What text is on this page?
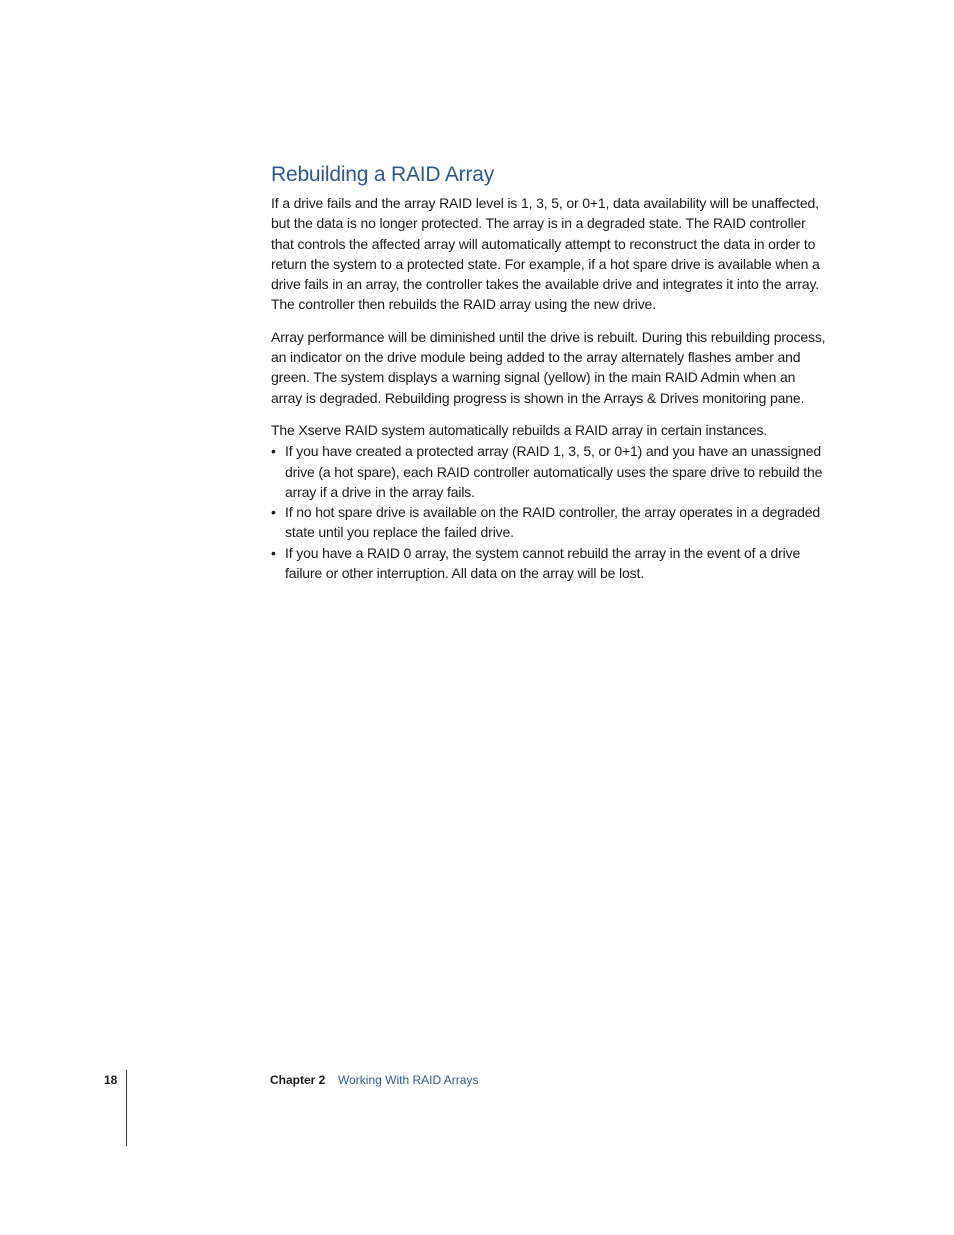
Rebuilding a RAID Array

If a drive fails and the array RAID level is 1, 3, 5, or 0+1, data availability will be unaffected, but the data is no longer protected. The array is in a degraded state. The RAID controller that controls the affected array will automatically attempt to reconstruct the data in order to return the system to a protected state. For example, if a hot spare drive is available when a drive fails in an array, the controller takes the available drive and integrates it into the array. The controller then rebuilds the RAID array using the new drive.

Array performance will be diminished until the drive is rebuilt. During this rebuilding process, an indicator on the drive module being added to the array alternately flashes amber and green. The system displays a warning signal (yellow) in the main RAID Admin when an array is degraded. Rebuilding progress is shown in the Arrays & Drives monitoring pane.

The Xserve RAID system automatically rebuilds a RAID array in certain instances.

• If you have created a protected array (RAID 1, 3, 5, or 0+1) and you have an unassigned drive (a hot spare), each RAID controller automatically uses the spare drive to rebuild the array if a drive in the array fails.
• If no hot spare drive is available on the RAID controller, the array operates in a degraded state until you replace the failed drive.
• If you have a RAID 0 array, the system cannot rebuild the array in the event of a drive failure or other interruption. All data on the array will be lost.
18	Chapter 2 Working With RAID Arrays
